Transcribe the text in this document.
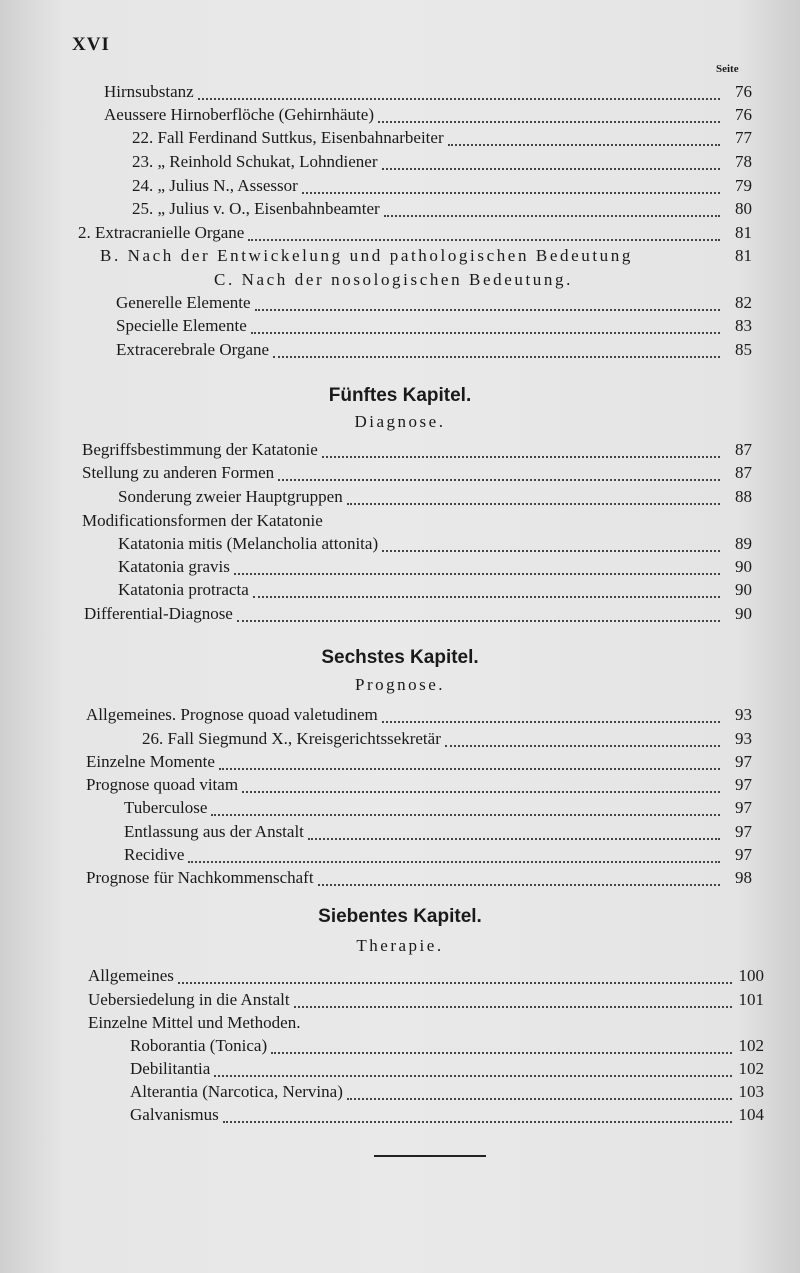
XVI
Seite
Hirnsubstanz	76
Aeussere Hirnoberflöche (Gehirnhäute)	76
22. Fall Ferdinand Suttkus, Eisenbahnarbeiter	77
23. „ Reinhold Schukat, Lohndiener	78
24. „ Julius N., Assessor	79
25. „ Julius v. O., Eisenbahnbeamter	80
2. Extracranielle Organe	81
B. Nach der Entwickelung und pathologischen Bedeutung	81
C. Nach der nosologischen Bedeutung.
Generelle Elemente	82
Specielle Elemente	83
Extracerebrale Organe	85
Fünftes Kapitel.
Diagnose.
Begriffsbestimmung der Katatonie	87
Stellung zu anderen Formen	87
Sonderung zweier Hauptgruppen	88
Modificationsformen der Katatonie
Katatonia mitis (Melancholia attonita)	89
Katatonia gravis	90
Katatonia protracta	90
Differential-Diagnose	90
Sechstes Kapitel.
Prognose.
Allgemeines. Prognose quoad valetudinem	93
26. Fall Siegmund X., Kreisgerichtssekretär	93
Einzelne Momente	97
Prognose quoad vitam	97
Tuberculose	97
Entlassung aus der Anstalt	97
Recidive	97
Prognose für Nachkommenschaft	98
Siebentes Kapitel.
Therapie.
Allgemeines	100
Uebersiedelung in die Anstalt	101
Einzelne Mittel und Methoden.
Roborantia (Tonica)	102
Debilitantia	102
Alterantia (Narcotica, Nervina)	103
Galvanismus	104
